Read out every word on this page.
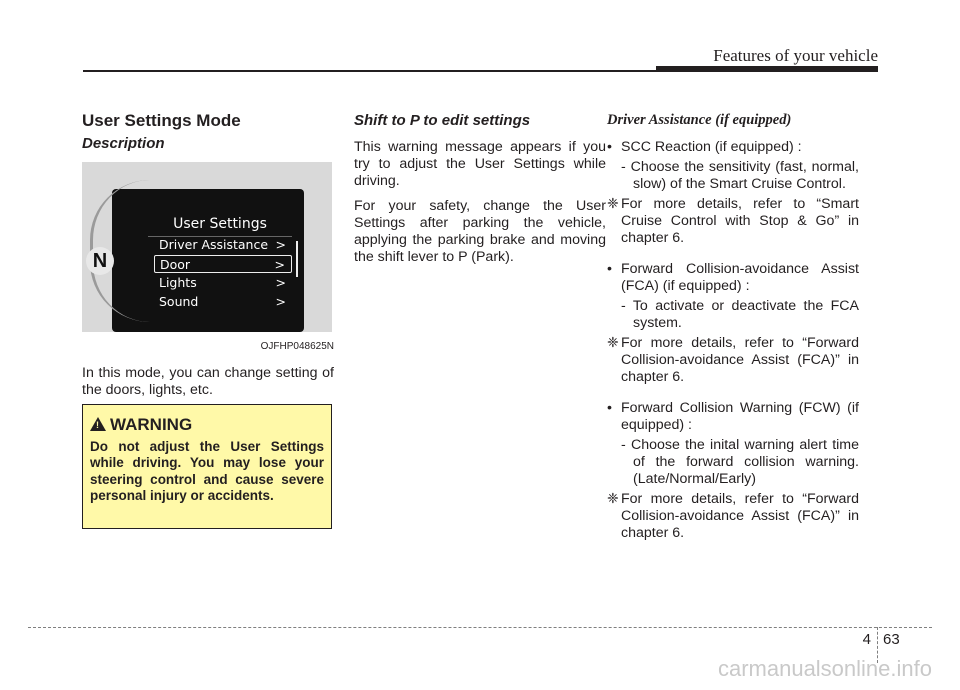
Features of your vehicle
User Settings Mode
Description
N
User Settings
Driver Assistance >
Door	>
Lights	>
Sound	>
OJFHP048625N

In this mode, you can change setting of the doors, lights, etc.

! WARNING

Do not adjust the User Settings while driving. You may lose your steering control and cause severe personal injury or accidents.

Shift to P to edit settings

This warning message appears if you try to adjust the User Settings while driving.

For your safety, change the User Settings after parking the vehicle, applying the parking brake and moving the shift lever to P (Park).

Driver Assistance (if equipped)
• SCC Reaction (if equipped) :
- Choose the sensitivity (fast, normal, slow) of the Smart Cruise Control.
❈ For more details, refer to “Smart Cruise Control with Stop & Go” in chapter 6.
• Forward Collision-avoidance Assist (FCA) (if equipped) :
- To activate or deactivate the FCA system.
❈ For more details, refer to “Forward Collision-avoidance Assist (FCA)” in chapter 6.
• Forward Collision Warning (FCW) (if equipped) :
- Choose the inital warning alert time of the forward collision warning. (Late/Normal/Early)
❈ For more details, refer to “Forward Collision-avoidance Assist (FCA)” in chapter 6.
4 63
carmanualsonline.info
